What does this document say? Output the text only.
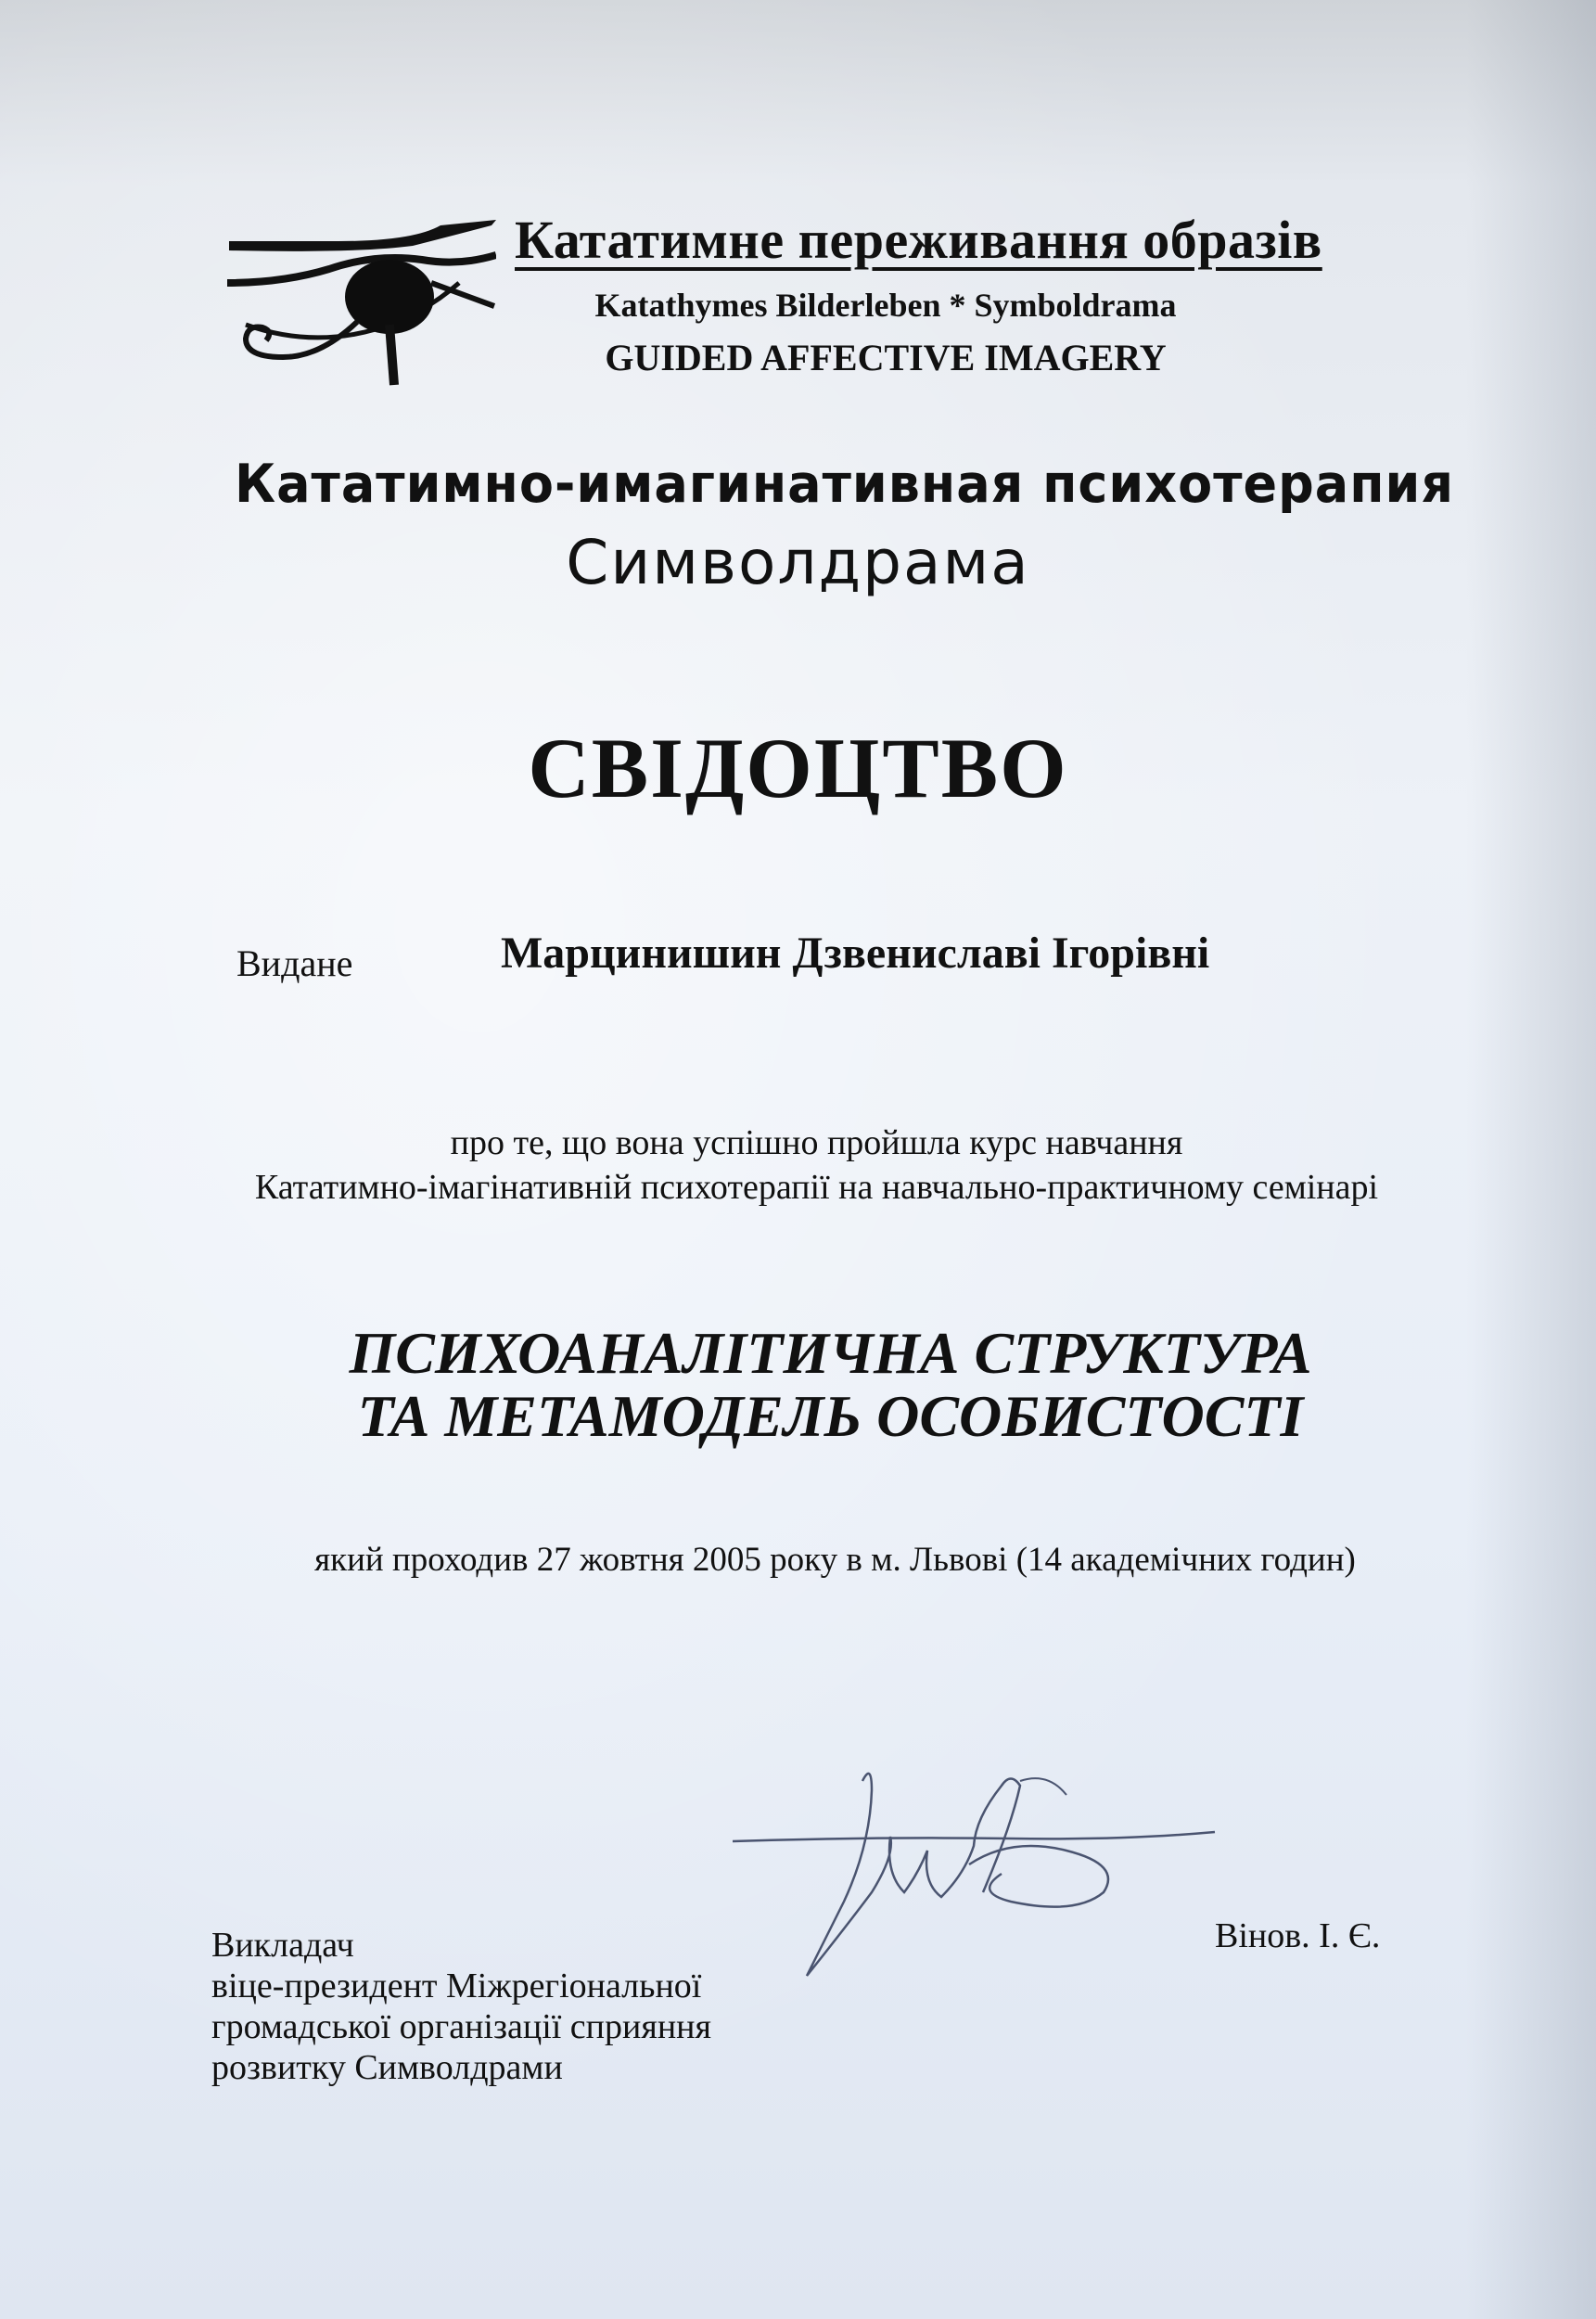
Кататимне переживання образів
Katathymes Bilderleben * Symboldrama
GUIDED AFFECTIVE IMAGERY
Кататимно-имагинативная психотерапия
Символдрама
СВІДОЦТВО
Видане	Марцинишин Дзвениславі Ігорівні
про те, що вона успішно пройшла курс навчання
Кататимно-імагінативній психотерапії на навчально-практичному семінарі
ПСИХОАНАЛІТИЧНА СТРУКТУРА
ТА МЕТАМОДЕЛЬ ОСОБИСТОСТІ
який проходив 27 жовтня 2005 року в м. Львові (14 академічних годин)
Викладач
віце-президент Міжрегіональної
громадської організації сприяння
розвитку Символдрами
Вінов. І. Є.
